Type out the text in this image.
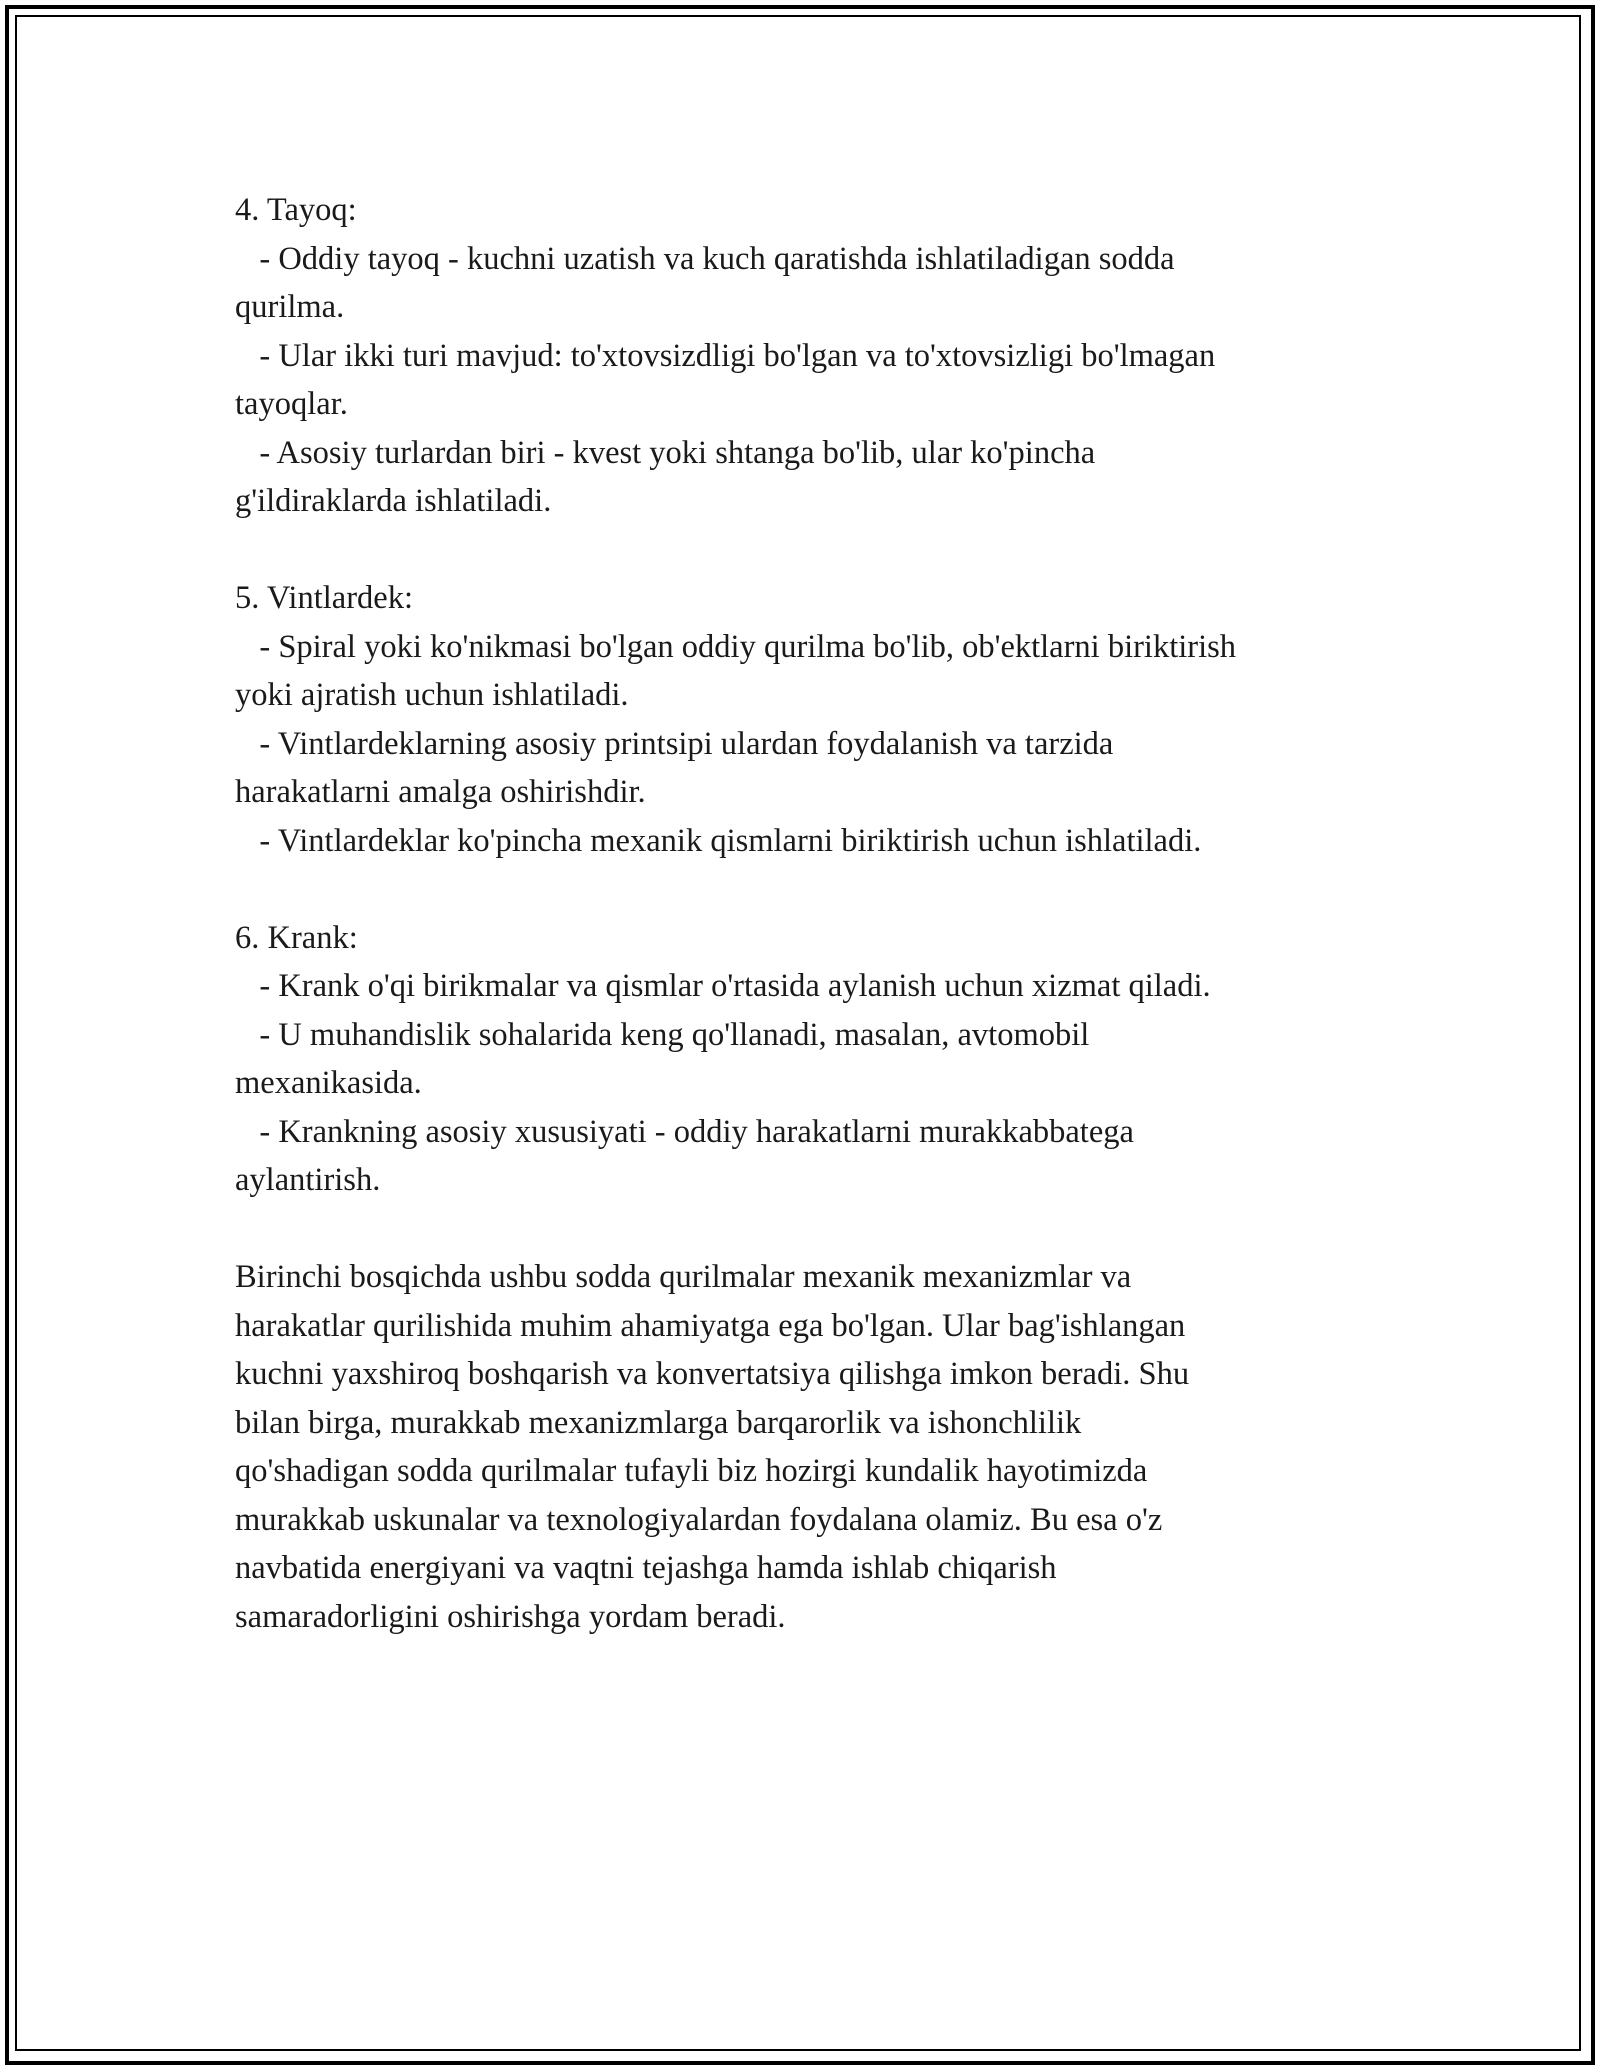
4. Tayoq:
- Oddiy tayoq - kuchni uzatish va kuch qaratishda ishlatiladigan sodda
qurilma.
- Ular ikki turi mavjud: to'xtovsizdligi bo'lgan va to'xtovsizligi bo'lmagan
tayoqlar.
- Asosiy turlardan biri - kvest yoki shtanga bo'lib, ular ko'pincha
g'ildiraklarda ishlatiladi.
5. Vintlardek:
- Spiral yoki ko'nikmasi bo'lgan oddiy qurilma bo'lib, ob'ektlarni biriktirish
yoki ajratish uchun ishlatiladi.
- Vintlardeklarning asosiy printsipi ulardan foydalanish va tarzida
harakatlarni amalga oshirishdir.
- Vintlardeklar ko'pincha mexanik qismlarni biriktirish uchun ishlatiladi.
6. Krank:
- Krank o'qi birikmalar va qismlar o'rtasida aylanish uchun xizmat qiladi.
- U muhandislik sohalarida keng qo'llanadi, masalan, avtomobil
mexanikasida.
- Krankning asosiy xususiyati - oddiy harakatlarni murakkabbatega
aylantirish.
Birinchi bosqichda ushbu sodda qurilmalar mexanik mexanizmlar va
harakatlar qurilishida muhim ahamiyatga ega bo'lgan. Ular bag'ishlangan
kuchni yaxshiroq boshqarish va konvertatsiya qilishga imkon beradi. Shu
bilan birga, murakkab mexanizmlarga barqarorlik va ishonchlilik
qo'shadigan sodda qurilmalar tufayli biz hozirgi kundalik hayotimizda
murakkab uskunalar va texnologiyalardan foydalana olamiz. Bu esa o'z
navbatida energiyani va vaqtni tejashga hamda ishlab chiqarish
samaradorligini oshirishga yordam beradi.
